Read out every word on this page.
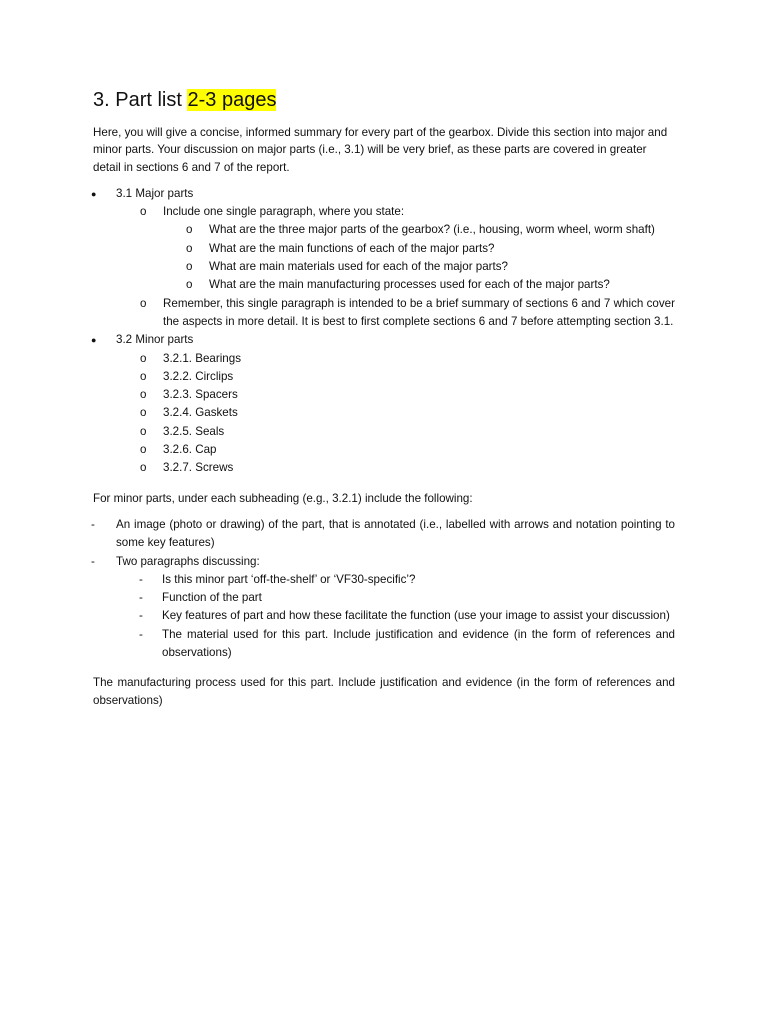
3. Part list 2-3 pages

Here, you will give a concise, informed summary for every part of the gearbox. Divide this section into major and minor parts. Your discussion on major parts (i.e., 3.1) will be very brief, as these parts are covered in greater detail in sections 6 and 7 of the report.

● 3.1 Major parts
o Include one single paragraph, where you state:
o What are the three major parts of the gearbox? (i.e., housing, worm wheel, worm shaft)
o What are the main functions of each of the major parts?
o What are main materials used for each of the major parts?
o What are the main manufacturing processes used for each of the major parts?
o Remember, this single paragraph is intended to be a brief summary of sections 6 and 7 which cover the aspects in more detail. It is best to first complete sections 6 and 7 before attempting section 3.1.
● 3.2 Minor parts
o 3.2.1. Bearings
o 3.2.2. Circlips
o 3.2.3. Spacers
o 3.2.4. Gaskets
o 3.2.5. Seals
o 3.2.6. Cap
o 3.2.7. Screws

For minor parts, under each subheading (e.g., 3.2.1) include the following:

- An image (photo or drawing) of the part, that is annotated (i.e., labelled with arrows and notation pointing to some key features)
- Two paragraphs discussing:
- Is this minor part ‘off-the-shelf’ or ‘VF30-specific’?
- Function of the part
- Key features of part and how these facilitate the function (use your image to assist your discussion)
- The material used for this part. Include justification and evidence (in the form of references and observations)

The manufacturing process used for this part. Include justification and evidence (in the form of references and observations)
